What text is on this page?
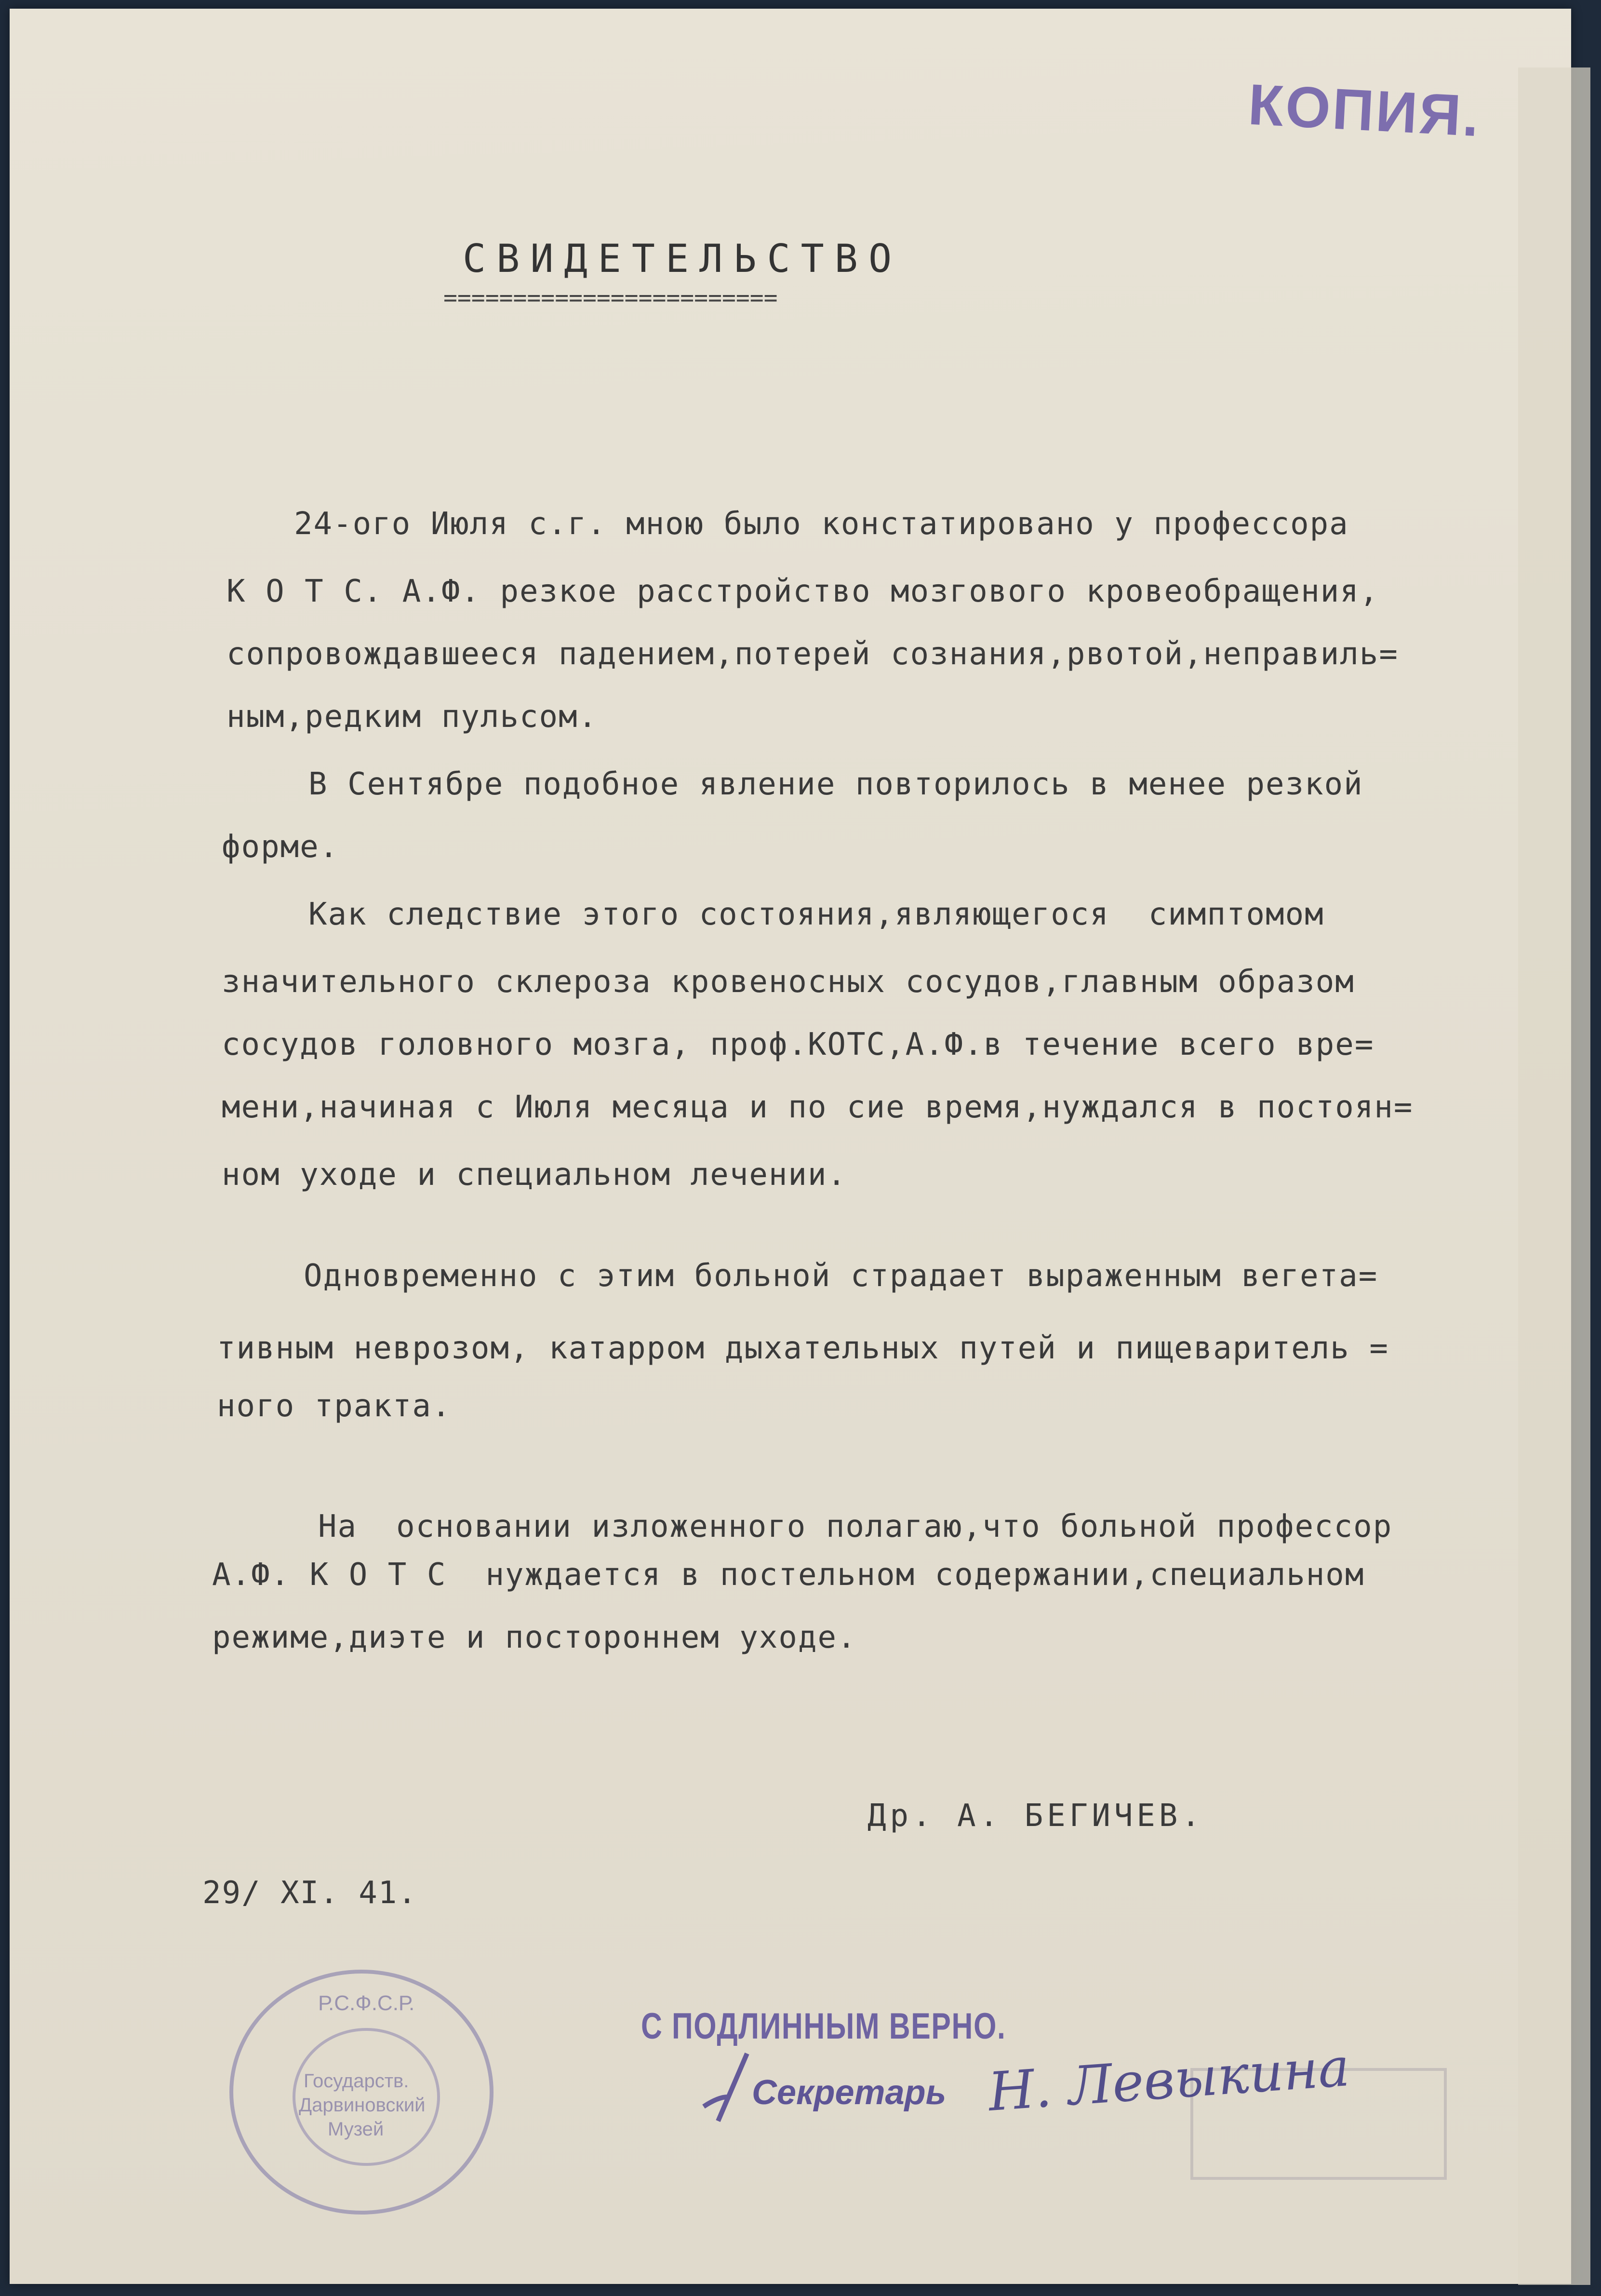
КОПИЯ.
СВИДЕТЕЛЬСТВО
========================
24-ого Июля с.г. мною было констатировано у профессора
К О Т С. А.Ф. резкое расстройство мозгового кровеобращения,
сопровождавшееся падением,потерей сознания,рвотой,неправиль=
ным,редким пульсом.
В Сентябре подобное явление повторилось в менее резкой
форме.
Как следствие этого состояния,являющегося  симптомом
значительного склероза кровеносных сосудов,главным образом
сосудов головного мозга, проф.КОТС,А.Ф.в течение всего вре=
мени,начиная с Июля месяца и по сие время,нуждался в постоян=
ном уходе и специальном лечении.
Одновременно с этим больной страдает выраженным вегета=
тивным неврозом, катарром дыхательных путей и пищеваритель =
ного тракта.
На  основании изложенного полагаю,что больной профессор
А.Ф. К О Т С  нуждается в постельном содержании,специальном
режиме,диэте и постороннем уходе.
Др. А. БЕГИЧЕВ.
29/ XI. 41.
Р.С.Ф.С.Р.
Государств.
Дарвиновский
Музей
С ПОДЛИННЫМ ВЕРНО.
Секретарь Н. Левыкина
